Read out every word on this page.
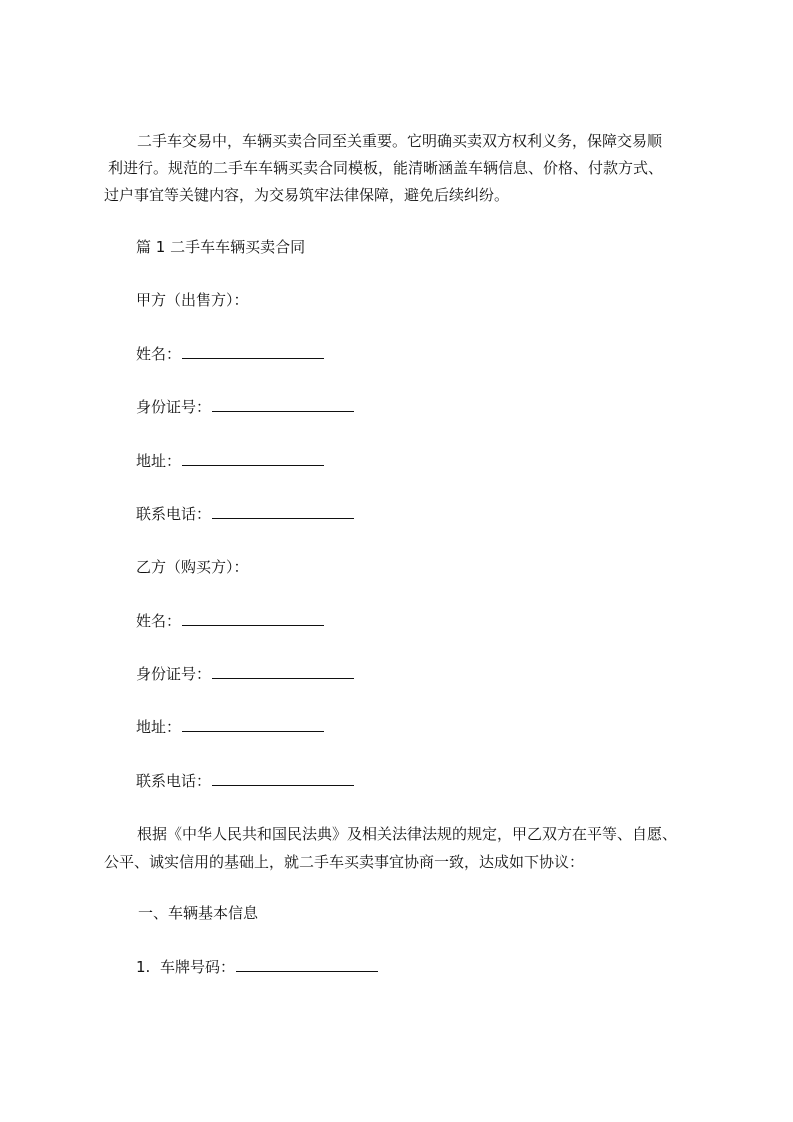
二手车交易中，车辆买卖合同至关重要。它明确买卖双方权利义务，保障交易顺
利进行。规范的二手车车辆买卖合同模板，能清晰涵盖车辆信息、价格、付款方式、
过户事宜等关键内容，为交易筑牢法律保障，避免后续纠纷。

篇 1 二手车车辆买卖合同

甲方（出售方）：

姓名：

身份证号：

地址：

联系电话：

乙方（购买方）：

姓名：

身份证号：

地址：

联系电话：

根据《中华人民共和国民法典》及相关法律法规的规定，甲乙双方在平等、自愿、
公平、诚实信用的基础上，就二手车买卖事宜协商一致，达成如下协议：

一、车辆基本信息

1. 车牌号码：
